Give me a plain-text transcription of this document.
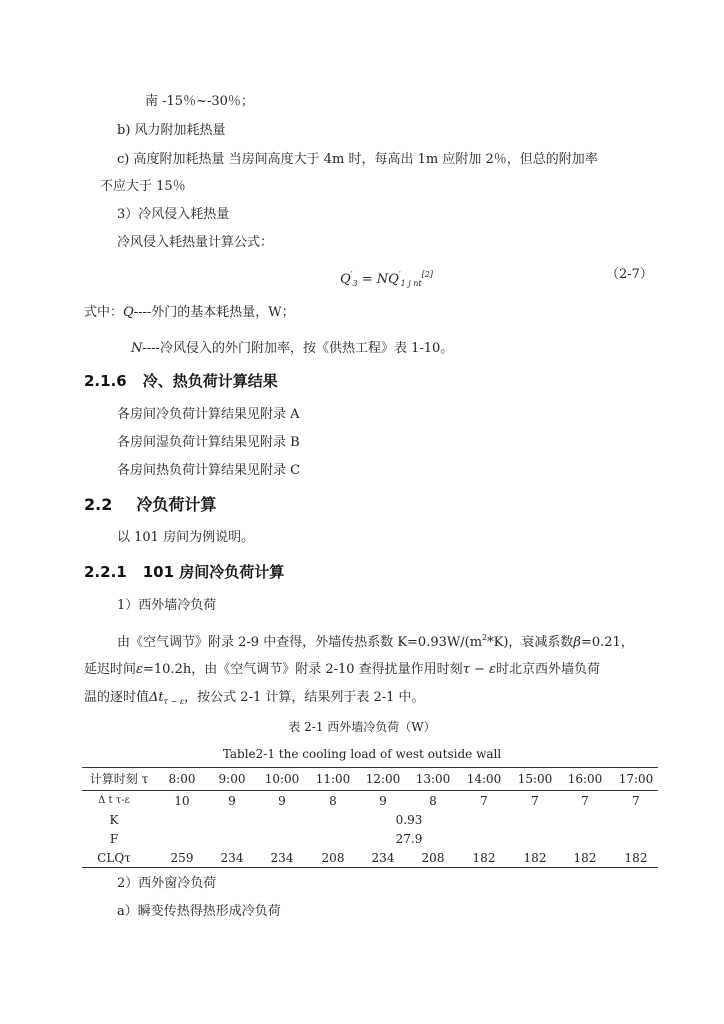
南 -15％~-30％；
b) 风力附加耗热量
c) 高度附加耗热量 当房间高度大于 4m 时，每高出 1m 应附加 2％，但总的附加率
不应大于 15％
3）冷风侵入耗热量
冷风侵入耗热量计算公式：
$Q'_3 = NQ'_{1 j nt}[2]$	（2-7）
式中：Q----外门的基本耗热量，W；
N----冷风侵入的外门附加率，按《供热工程》表 1-10。
2.1.6 冷、热负荷计算结果
各房间冷负荷计算结果见附录 A
各房间湿负荷计算结果见附录 B
各房间热负荷计算结果见附录 C
2.2 冷负荷计算
以 101 房间为例说明。
2.2.1 101 房间冷负荷计算
1）西外墙冷负荷
由《空气调节》附录 2-9 中查得，外墙传热系数 $K=0.93W/(m^2*K)$，衰减系数β=0.21，
延迟时间ε=10.2h，由《空气调节》附录 2-10 查得扰量作用时刻τ − ε时北京西外墙负荷
温的逐时值$\Delta t_{\tau - \varepsilon}$，按公式 2-1 计算，结果列于表 2-1 中。
表 2-1 西外墙冷负荷（W）
Table2-1 the cooling load of west outside wall
计算时刻 τ	8:00	9:00	10:00	11:00	12:00	13:00	14:00	15:00	16:00	17:00
Δ t τ-ε	10	9	9	8	9	8	7	7	7	7
K	0.93
F	27.9
CLQτ	259	234	234	208	234	208	182	182	182	182
2）西外窗冷负荷
a）瞬变传热得热形成冷负荷
